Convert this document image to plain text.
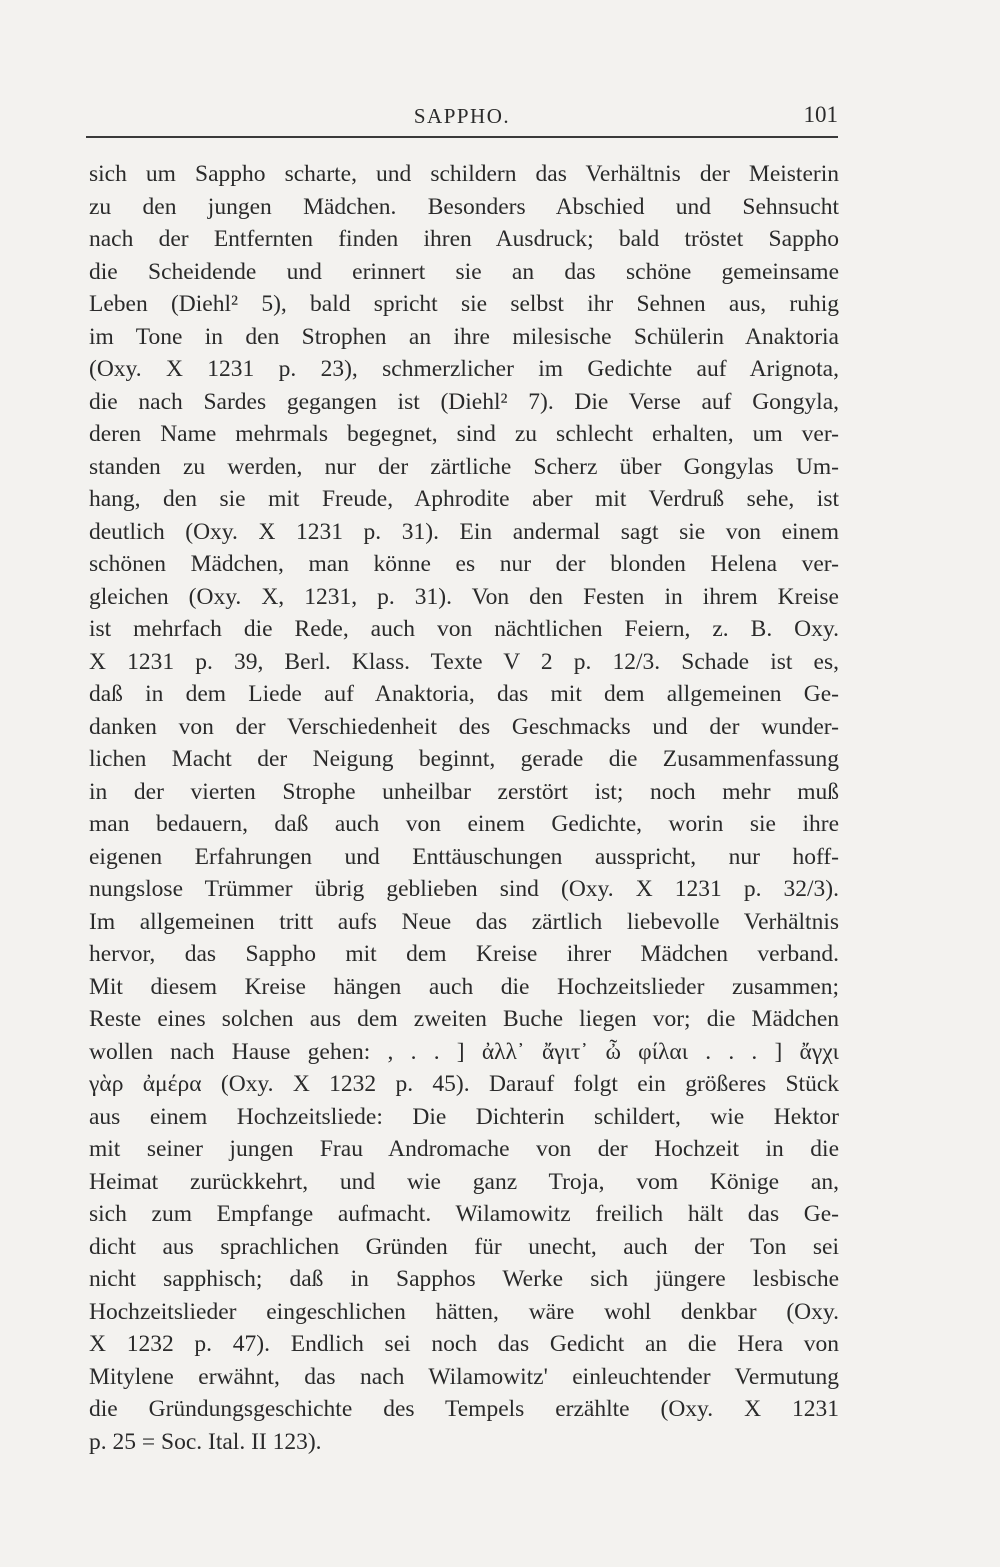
SAPPHO.	101
sich um Sappho scharte, und schildern das Verhältnis der Meisterin
zu den jungen Mädchen. Besonders Abschied und Sehnsucht
nach der Entfernten finden ihren Ausdruck; bald tröstet Sappho
die Scheidende und erinnert sie an das schöne gemeinsame
Leben (Diehl² 5), bald spricht sie selbst ihr Sehnen aus, ruhig
im Tone in den Strophen an ihre milesische Schülerin Anaktoria
(Oxy. X 1231 p. 23), schmerzlicher im Gedichte auf Arignota,
die nach Sardes gegangen ist (Diehl² 7). Die Verse auf Gongyla,
deren Name mehrmals begegnet, sind zu schlecht erhalten, um ver-
standen zu werden, nur der zärtliche Scherz über Gongylas Um-
hang, den sie mit Freude, Aphrodite aber mit Verdruß sehe, ist
deutlich (Oxy. X 1231 p. 31). Ein andermal sagt sie von einem
schönen Mädchen, man könne es nur der blonden Helena ver-
gleichen (Oxy. X, 1231, p. 31). Von den Festen in ihrem Kreise
ist mehrfach die Rede, auch von nächtlichen Feiern, z. B. Oxy.
X 1231 p. 39, Berl. Klass. Texte V 2 p. 12/3. Schade ist es,
daß in dem Liede auf Anaktoria, das mit dem allgemeinen Ge-
danken von der Verschiedenheit des Geschmacks und der wunder-
lichen Macht der Neigung beginnt, gerade die Zusammenfassung
in der vierten Strophe unheilbar zerstört ist; noch mehr muß
man bedauern, daß auch von einem Gedichte, worin sie ihre
eigenen Erfahrungen und Enttäuschungen ausspricht, nur hoff-
nungslose Trümmer übrig geblieben sind (Oxy. X 1231 p. 32/3).
Im allgemeinen tritt aufs Neue das zärtlich liebevolle Verhältnis
hervor, das Sappho mit dem Kreise ihrer Mädchen verband.
Mit diesem Kreise hängen auch die Hochzeitslieder zusammen;
Reste eines solchen aus dem zweiten Buche liegen vor; die Mädchen
wollen nach Hause gehen: , . . ] ἀλλ᾽ ἄγιτ᾽ ὦ φίλαι . . . ] ἄγχι
γὰρ ἀμέρα (Oxy. X 1232 p. 45). Darauf folgt ein größeres Stück
aus einem Hochzeitsliede: Die Dichterin schildert, wie Hektor
mit seiner jungen Frau Andromache von der Hochzeit in die
Heimat zurückkehrt, und wie ganz Troja, vom Könige an,
sich zum Empfange aufmacht. Wilamowitz freilich hält das Ge-
dicht aus sprachlichen Gründen für unecht, auch der Ton sei
nicht sapphisch; daß in Sapphos Werke sich jüngere lesbische
Hochzeitslieder eingeschlichen hätten, wäre wohl denkbar (Oxy.
X 1232 p. 47). Endlich sei noch das Gedicht an die Hera von
Mitylene erwähnt, das nach Wilamowitz' einleuchtender Vermutung
die Gründungsgeschichte des Tempels erzählte (Oxy. X 1231
p. 25 = Soc. Ital. II 123).
